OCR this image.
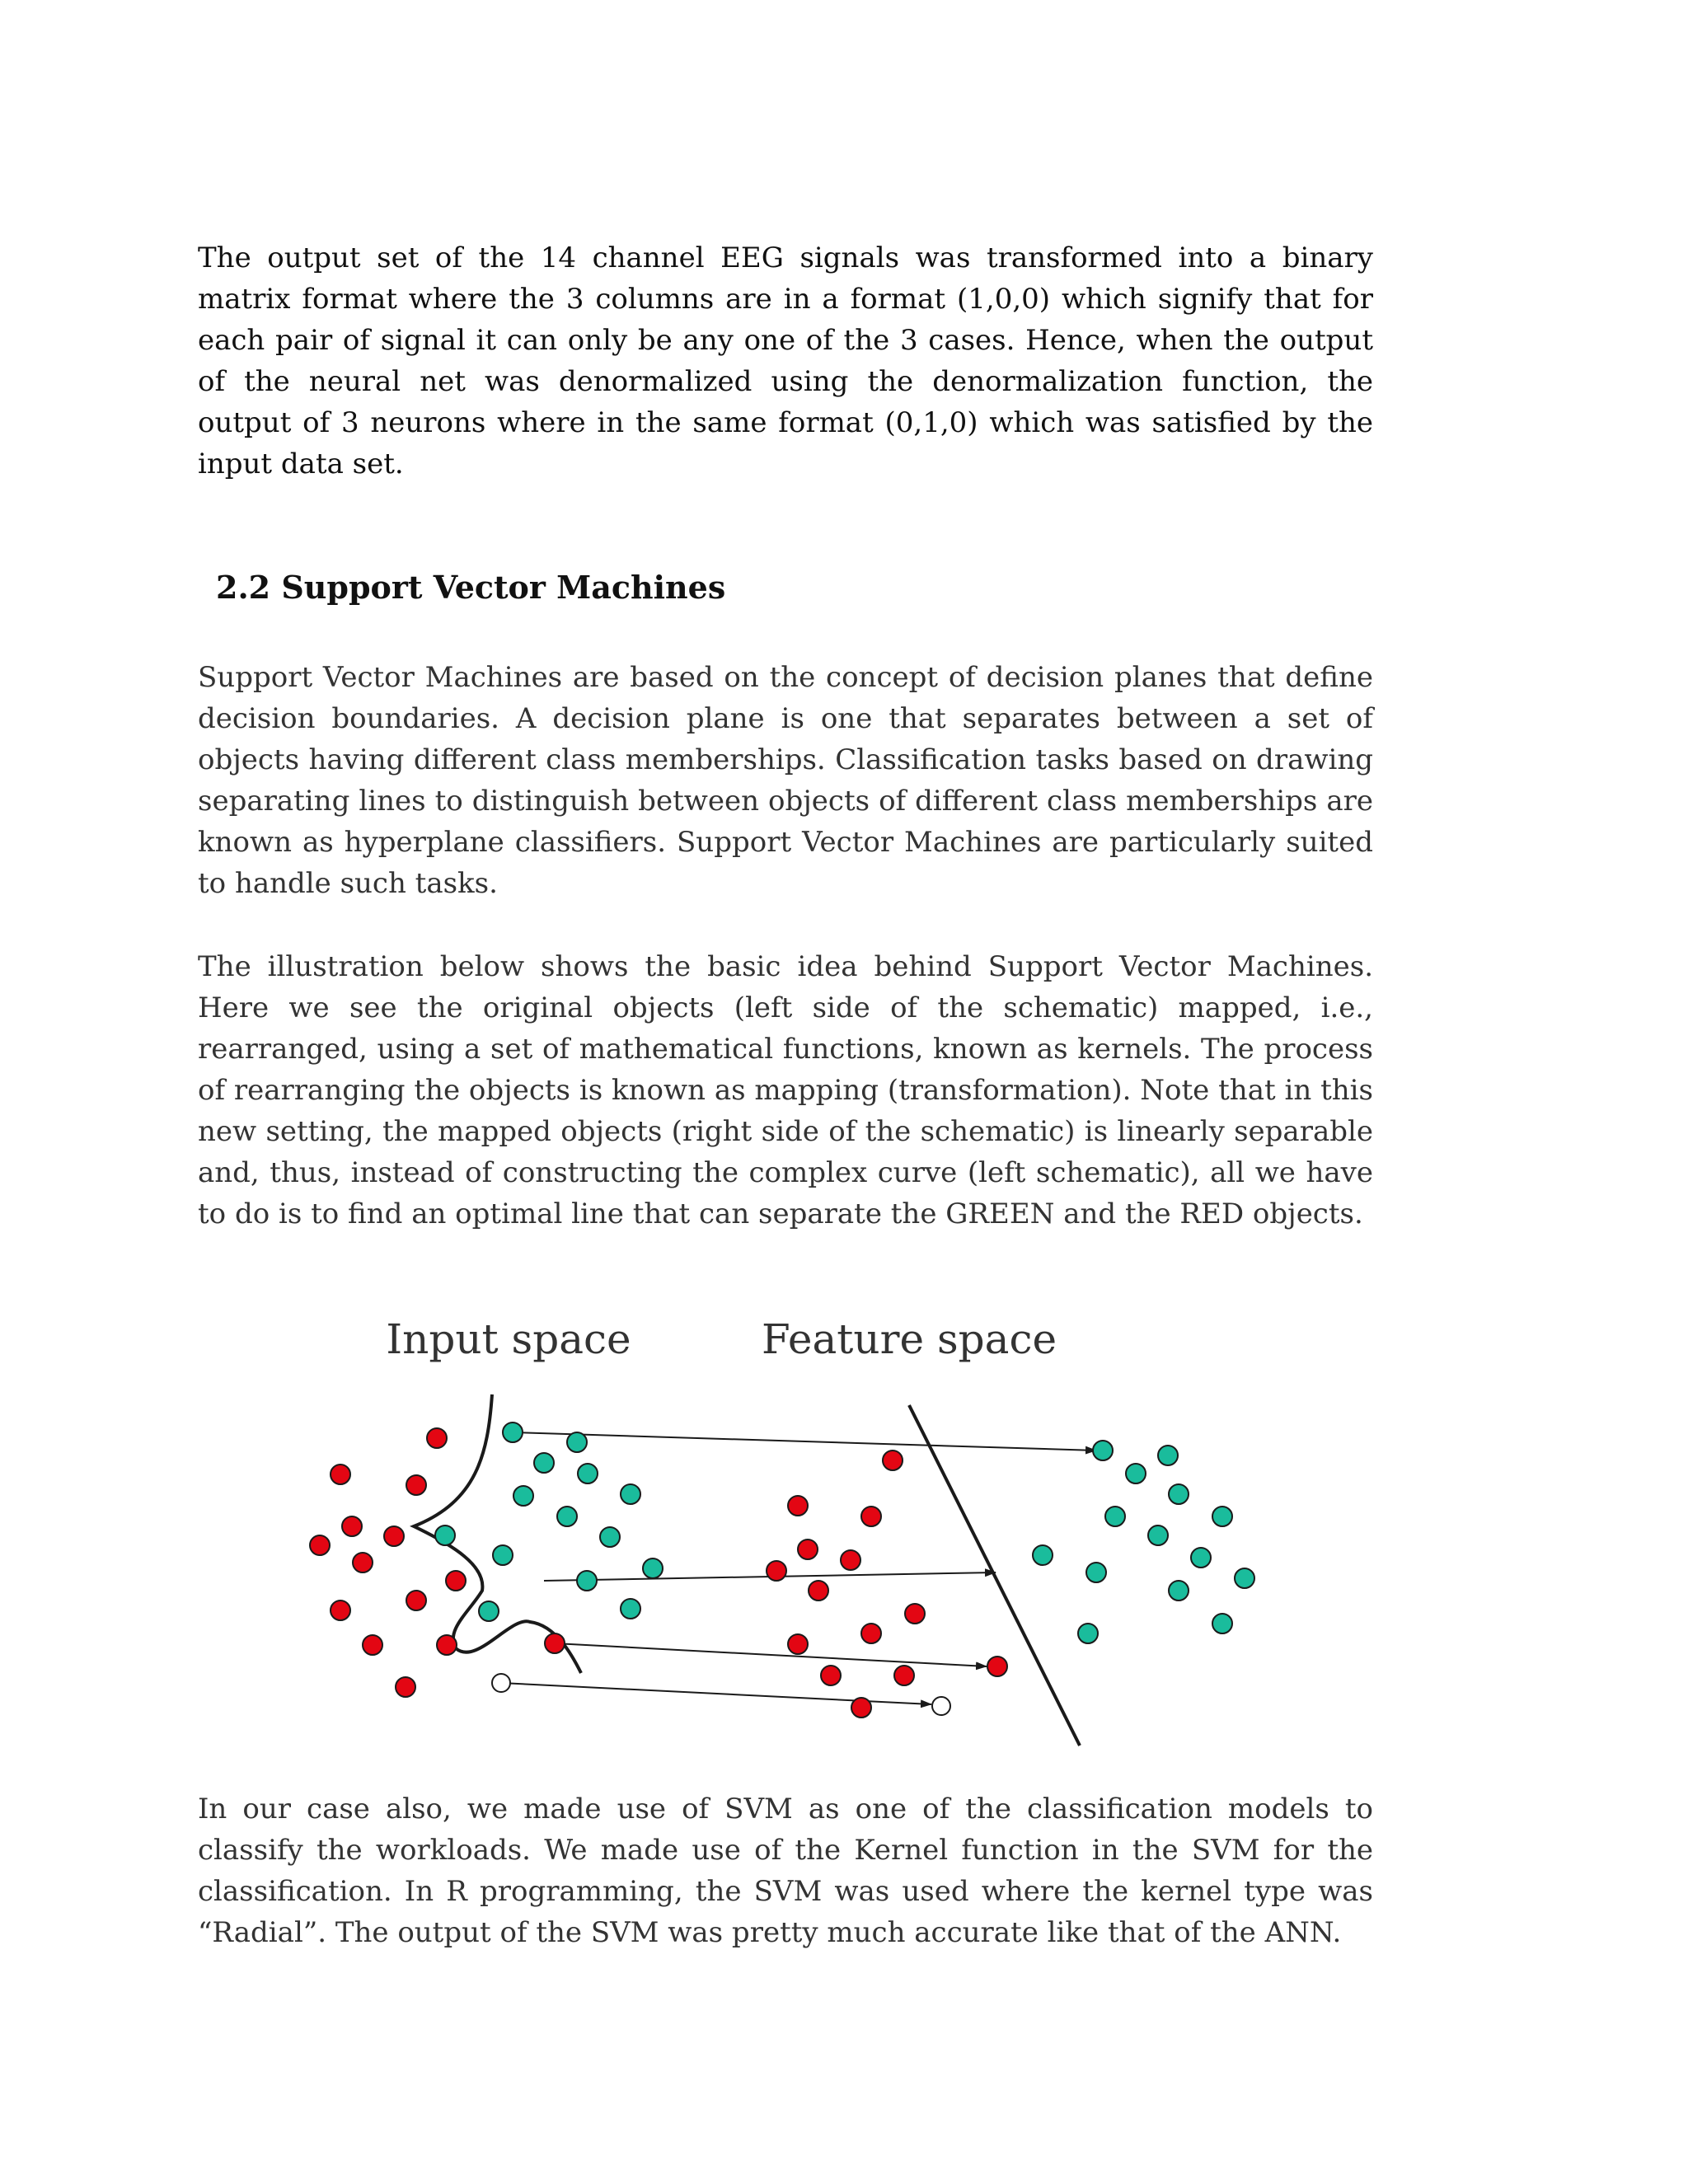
The output set of the 14 channel EEG signals was transformed into a binary matrix format where the 3 columns are in a format (1,0,0) which signify that for each pair of signal it can only be any one of the 3 cases. Hence, when the output of the neural net was denormalized using the denormalization function, the output of 3 neurons where in the same format (0,1,0) which was satisfied by the input data set.

2.2 Support Vector Machines

Support Vector Machines are based on the concept of decision planes that define decision boundaries. A decision plane is one that separates between a set of objects having different class memberships. Classification tasks based on drawing separating lines to distinguish between objects of different class memberships are known as hyperplane classifiers. Support Vector Machines are particularly suited to handle such tasks.

The illustration below shows the basic idea behind Support Vector Machines. Here we see the original objects (left side of the schematic) mapped, i.e., rearranged, using a set of mathematical functions, known as kernels. The process of rearranging the objects is known as mapping (transformation). Note that in this new setting, the mapped objects (right side of the schematic) is linearly separable and, thus, instead of constructing the complex curve (left schematic), all we have to do is to find an optimal line that can separate the GREEN and the RED objects.

Input space	Feature space

In our case also, we made use of SVM as one of the classification models to classify the workloads. We made use of the Kernel function in the SVM for the classification. In R programming, the SVM was used where the kernel type was “Radial”. The output of the SVM was pretty much accurate like that of the ANN.
